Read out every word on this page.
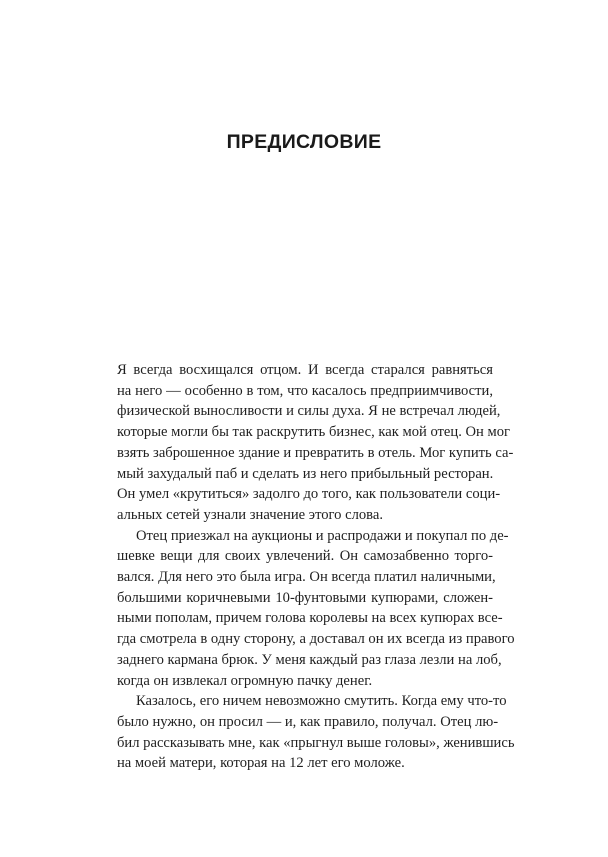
ПРЕДИСЛОВИЕ
Я всегда восхищался отцом. И всегда старался равняться
на него — особенно в том, что касалось предприимчивости,
физической выносливости и силы духа. Я не встречал людей,
которые могли бы так раскрутить бизнес, как мой отец. Он мог
взять заброшенное здание и превратить в отель. Мог купить са-
мый захудалый паб и сделать из него прибыльный ресторан.
Он умел «крутиться» задолго до того, как пользователи соци-
альных сетей узнали значение этого слова.
Отец приезжал на аукционы и распродажи и покупал по де-
шевке вещи для своих увлечений. Он самозабвенно торго-
вался. Для него это была игра. Он всегда платил наличными,
большими коричневыми 10-фунтовыми купюрами, сложен-
ными пополам, причем голова королевы на всех купюрах все-
гда смотрела в одну сторону, а доставал он их всегда из правого
заднего кармана брюк. У меня каждый раз глаза лезли на лоб,
когда он извлекал огромную пачку денег.
Казалось, его ничем невозможно смутить. Когда ему что-то
было нужно, он просил — и, как правило, получал. Отец лю-
бил рассказывать мне, как «прыгнул выше головы», женившись
на моей матери, которая на 12 лет его моложе.
